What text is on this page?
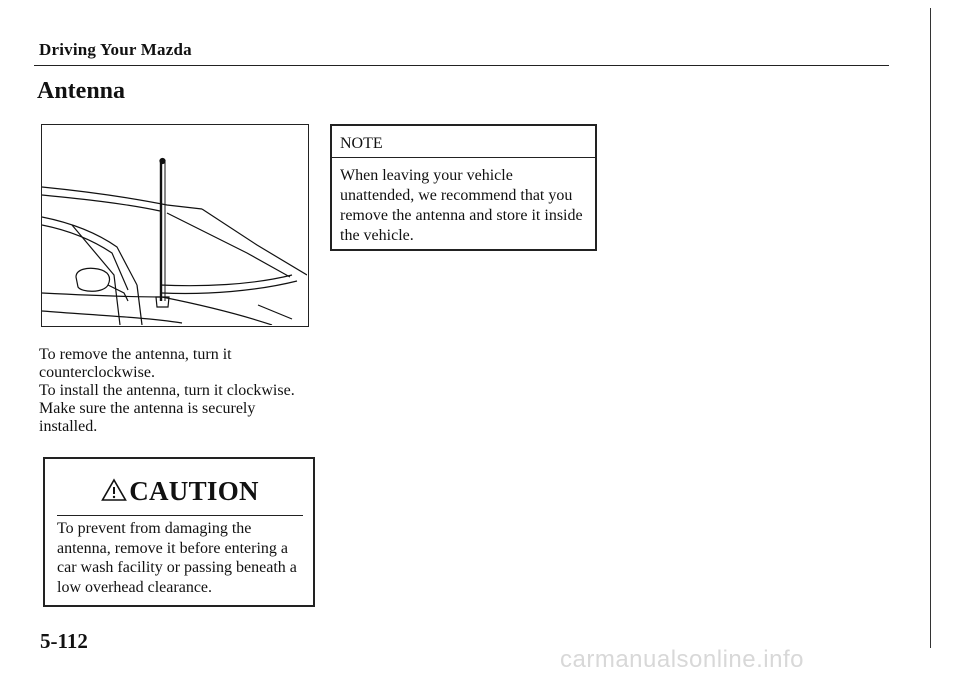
Driving Your Mazda
Antenna

To remove the antenna, turn it

counterclockwise.

To install the antenna, turn it clockwise.

Make sure the antenna is securely

installed.

CAUTION
To prevent from damaging the
antenna, remove it before entering a
car wash facility or passing beneath a
low overhead clearance.
NOTE
When leaving your vehicle
unattended, we recommend that you
remove the antenna and store it inside
the vehicle.
5-112
carmanualsonline.info
